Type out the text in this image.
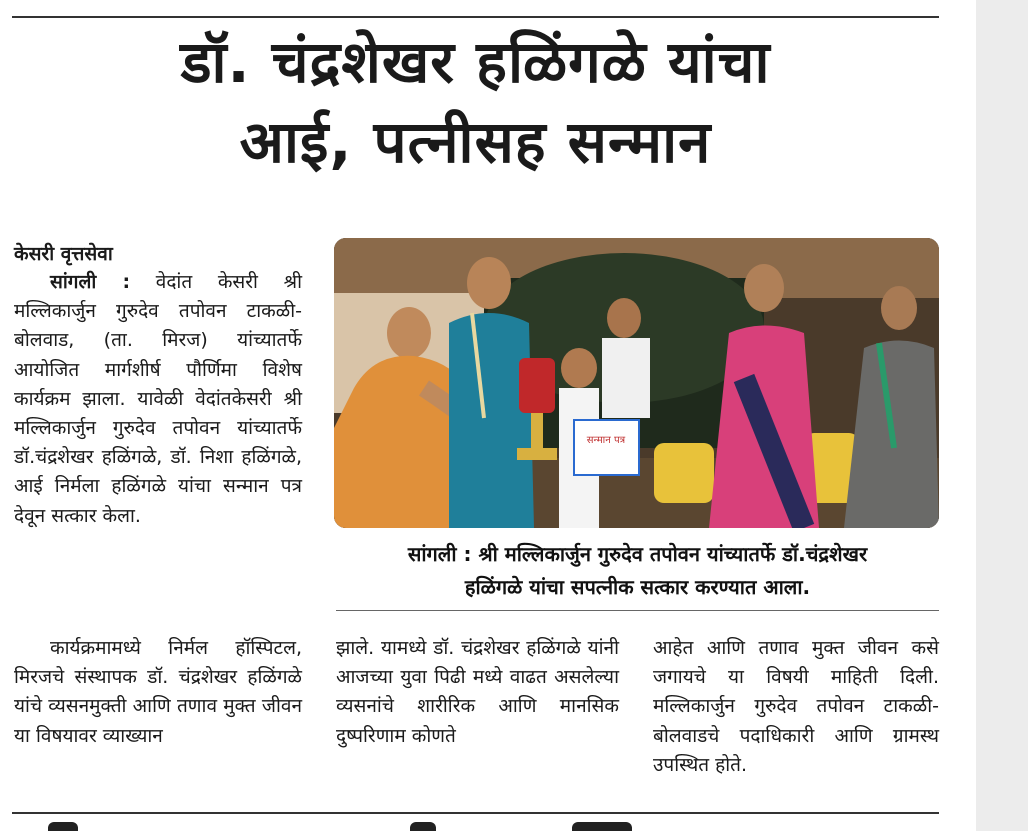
डॉ. चंद्रशेखर हळिंगळे यांचा
आई, पत्नीसह सन्मान
केसरी वृत्तसेवा
सांगली : वेदांत केसरी श्री मल्लिकार्जुन गुरुदेव तपोवन टाकळी-बोलवाड, (ता. मिरज) यांच्यातर्फे आयोजित मार्गशीर्ष पौर्णिमा विशेष कार्यक्रम झाला. यावेळी वेदांतकेसरी श्री मल्लिकार्जुन गुरुदेव तपोवन यांच्यातर्फे डॉ.चंद्रशेखर हळिंगळे, डॉ. निशा हळिंगळे, आई निर्मला हळिंगळे यांचा सन्मान पत्र देवून सत्कार केला.
कार्यक्रमामध्ये निर्मल हॉस्पिटल, मिरजचे संस्थापक डॉ. चंद्रशेखर हळिंगळे यांचे व्यसनमुक्ती आणि तणाव मुक्त जीवन या विषयावर व्याख्यान
सन्मान पत्र
सांगली : श्री मल्लिकार्जुन गुरुदेव तपोवन यांच्यातर्फे डॉ.चंद्रशेखर
हळिंगळे यांचा सपत्नीक सत्कार करण्यात आला.
झाले. यामध्ये डॉ. चंद्रशेखर हळिंगळे यांनी आजच्या युवा पिढी मध्ये वाढत असलेल्या व्यसनांचे शारीरिक आणि मानसिक दुष्परिणाम कोणते
आहेत आणि तणाव मुक्त जीवन कसे जगायचे या विषयी माहिती दिली. मल्लिकार्जुन गुरुदेव तपोवन टाकळी-बोलवाडचे पदाधिकारी आणि ग्रामस्थ उपस्थित होते.
